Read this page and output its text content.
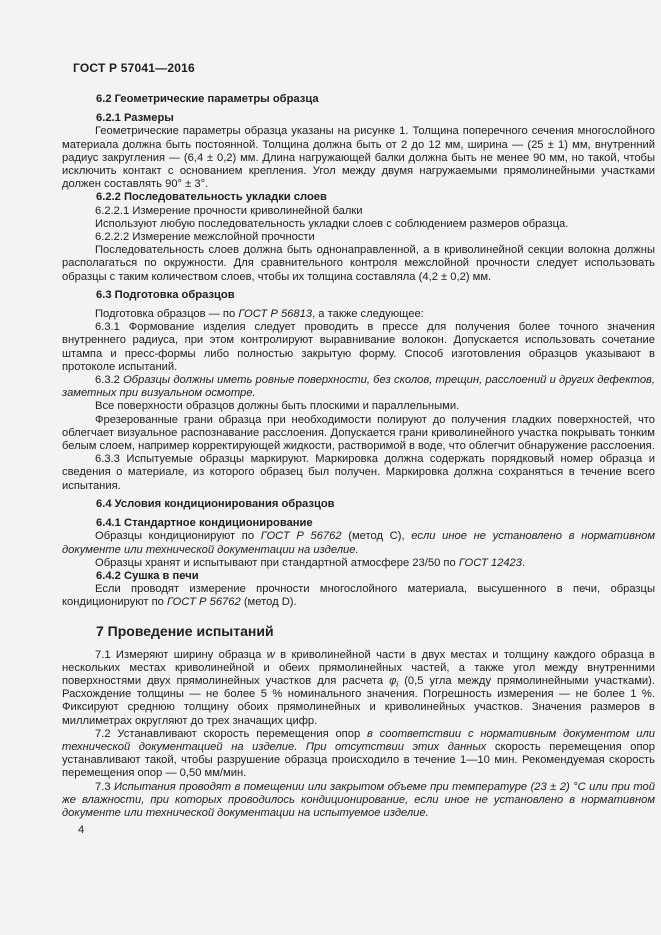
ГОСТ Р 57041—2016
6.2 Геометрические параметры образца
6.2.1 Размеры
Геометрические параметры образца указаны на рисунке 1. Толщина поперечного сечения многослойного материала должна быть постоянной. Толщина должна быть от 2 до 12 мм, ширина — (25 ± 1) мм, внутренний радиус закругления — (6,4 ± 0,2) мм. Длина нагружающей балки должна быть не менее 90 мм, но такой, чтобы исключить контакт с основанием крепления. Угол между двумя нагружаемыми прямолинейными участками должен составлять 90° ± 3°.
6.2.2 Последовательность укладки слоев
6.2.2.1 Измерение прочности криволинейной балки
Используют любую последовательность укладки слоев с соблюдением размеров образца.
6.2.2.2 Измерение межслойной прочности
Последовательность слоев должна быть однонаправленной, а в криволинейной секции волокна должны располагаться по окружности. Для сравнительного контроля межслойной прочности следует использовать образцы с таким количеством слоев, чтобы их толщина составляла (4,2 ± 0,2) мм.
6.3 Подготовка образцов
Подготовка образцов — по ГОСТ Р 56813, а также следующее:
6.3.1 Формование изделия следует проводить в прессе для получения более точного значения внутреннего радиуса, при этом контролируют выравнивание волокон. Допускается использовать сочетание штампа и пресс-формы либо полностью закрытую форму. Способ изготовления образцов указывают в протоколе испытаний.
6.3.2 Образцы должны иметь ровные поверхности, без сколов, трещин, расслоений и других дефектов, заметных при визуальном осмотре.
Все поверхности образцов должны быть плоскими и параллельными.
Фрезерованные грани образца при необходимости полируют до получения гладких поверхностей, что облегчает визуальное распознавание расслоения. Допускается грани криволинейного участка покрывать тонким белым слоем, например корректирующей жидкости, растворимой в воде, что облегчит обнаружение расслоения.
6.3.3 Испытуемые образцы маркируют. Маркировка должна содержать порядковый номер образца и сведения о материале, из которого образец был получен. Маркировка должна сохраняться в течение всего испытания.
6.4 Условия кондиционирования образцов
6.4.1 Стандартное кондиционирование
Образцы кондиционируют по ГОСТ Р 56762 (метод С), если иное не установлено в нормативном документе или технической документации на изделие.
Образцы хранят и испытывают при стандартной атмосфере 23/50 по ГОСТ 12423.
6.4.2 Сушка в печи
Если проводят измерение прочности многослойного материала, высушенного в печи, образцы кондиционируют по ГОСТ Р 56762 (метод D).
7 Проведение испытаний
7.1 Измеряют ширину образца w в криволинейной части в двух местах и толщину каждого образца в нескольких местах криволинейной и обеих прямолинейных частей, а также угол между внутренними поверхностями двух прямолинейных участков для расчета $\varphi_i$ (0,5 угла между прямолинейными участками). Расхождение толщины — не более 5 % номинального значения. Погрешность измерения — не более 1 %. Фиксируют среднюю толщину обоих прямолинейных и криволинейных участков. Значения размеров в миллиметрах округляют до трех значащих цифр.
7.2 Устанавливают скорость перемещения опор в соответствии с нормативным документом или технической документацией на изделие. При отсутствии этих данных скорость перемещения опор устанавливают такой, чтобы разрушение образца происходило в течение 1—10 мин. Рекомендуемая скорость перемещения опор — 0,50 мм/мин.
7.3 Испытания проводят в помещении или закрытом объеме при температуре (23 ± 2) °С или при той же влажности, при которых проводилось кондиционирование, если иное не установлено в нормативном документе или технической документации на испытуемое изделие.
4
